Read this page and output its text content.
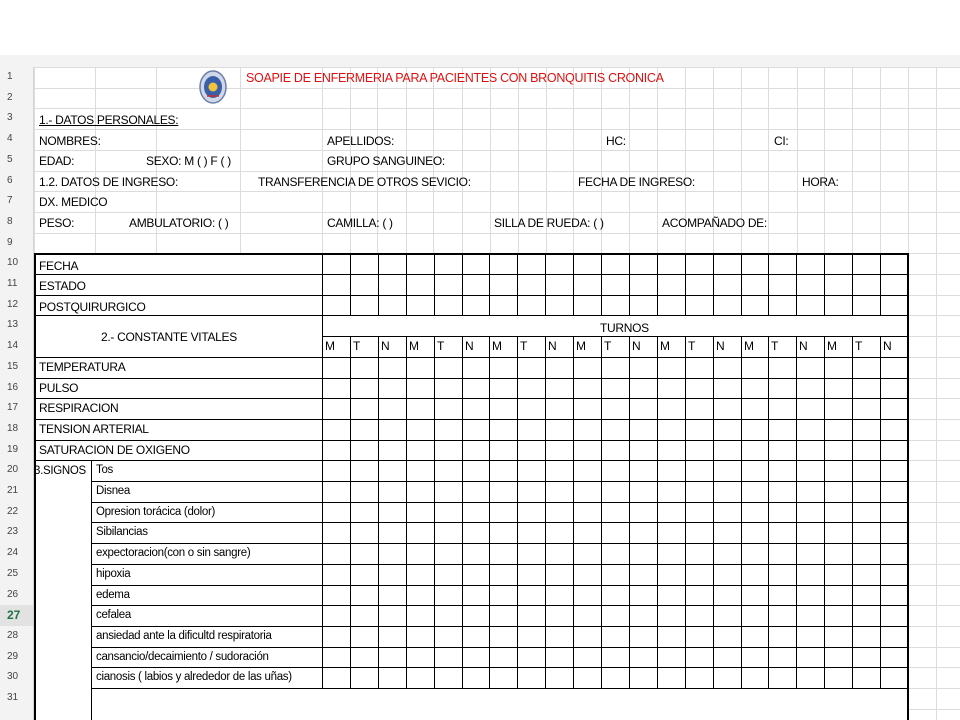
1
2
3
4
5
6
7
8
9
10
11
12
13
14
15
16
17
18
19
20
21
22
23
24
25
26
27
28
29
30
31
SOAPIE DE ENFERMERIA PARA PACIENTES CON BRONQUITIS CRONICA
1.- DATOS PERSONALES:
NOMBRES:	APELLIDOS:	HC:	CI:
EDAD:	SEXO: M ( ) F ( )	GRUPO SANGUINEO:
1.2. DATOS DE INGRESO:	TRANSFERENCIA DE OTROS SEVICIO:	FECHA DE INGRESO:	HORA:
DX. MEDICO
PESO:	AMBULATORIO: ( )	CAMILLA: ( )	SILLA DE RUEDA: ( )	ACOMPAÑADO DE:
FECHA
ESTADO
POSTQUIRURGICO
2.- CONSTANTE VITALES
TURNOS
M T N M T N M T N M T N M T N M T N M T N
TEMPERATURA
PULSO
RESPIRACION
TENSION ARTERIAL
SATURACION DE OXIGENO
3.SIGNOS Tos
Disnea
Opresion torácica (dolor)
Sibilancias
expectoracion(con o sin sangre)
hipoxia
edema
cefalea
ansiedad ante la dificultd respiratoria
cansancio/decaimiento / sudoración
cianosis ( labios y alrededor de las uñas)
